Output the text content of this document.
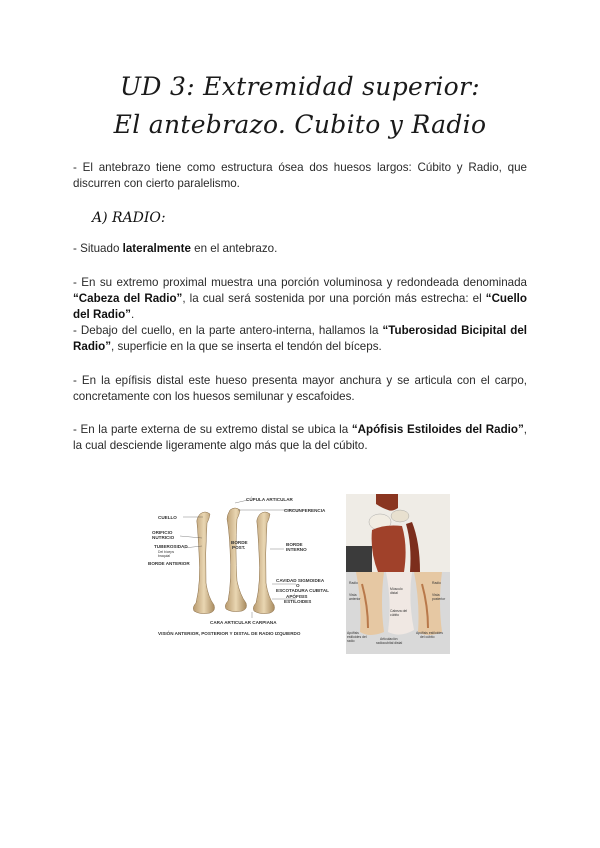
UD 3: Extremidad superior:
El antebrazo. Cubito y Radio
- El antebrazo tiene como estructura ósea dos huesos largos: Cúbito y Radio, que discurren con cierto paralelismo.
A) RADIO:
- Situado lateralmente en el antebrazo.
- En su extremo proximal muestra una porción voluminosa y redondeada denominada “Cabeza del Radio”, la cual será sostenida por una porción más estrecha: el “Cuello del Radio”.
- Debajo del cuello, en la parte antero-interna, hallamos la “Tuberosidad Bicipital del Radio”, superficie en la que se inserta el tendón del bíceps.
- En la epífisis distal este hueso presenta mayor anchura y se articula con el carpo, concretamente con los huesos semilunar y escafoides.
- En la parte externa de su extremo distal se ubica la “Apófisis Estiloides del Radio”, la cual desciende ligeramente algo más que la del cúbito.
CÚPULA ARTICULAR
CIRCUNFERENCIA
CUELLO
ORIFICIO
NUTRICIO
TUBEROSIDAD
Del bíceps
braquial
BORDE ANTERIOR
BORDE
POST.
BORDE
INTERNO
CAVIDAD SIGMOIDEA
O
ESCOTADURA CUBITAL
APÓFISIS
ESTILOIDES
CARA ARTICULAR CARPIANA
VISIÓN ANTERIOR, POSTERIOR Y DISTAL DE RADIO IZQUIERDO
Radio
Vista
anterior
Músculo
distal
Cabeza del
cúbito
Radio
Vista
posterior
Apófisis
estiloides del
radio
Apófisis estiloides
del cúbito
Articulación
radiocubital distal
